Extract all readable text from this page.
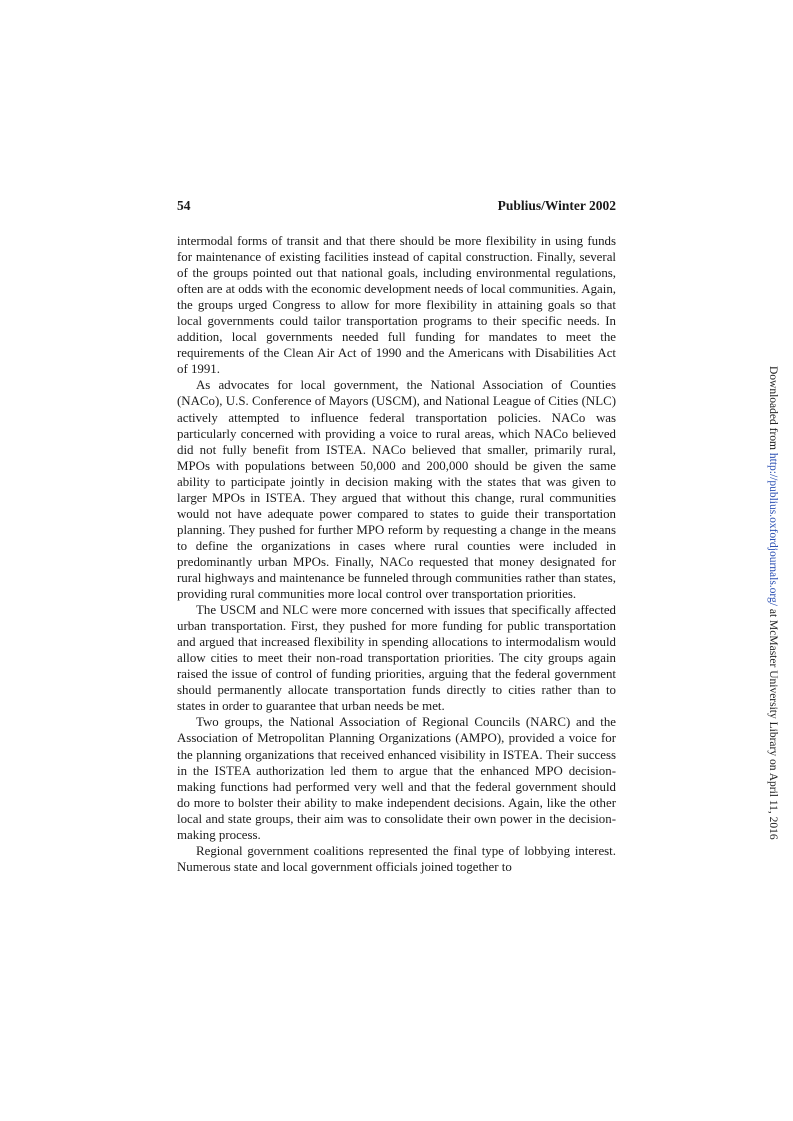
54	Publius/Winter 2002

intermodal forms of transit and that there should be more flexibility in using funds for maintenance of existing facilities instead of capital construction. Finally, several of the groups pointed out that national goals, including environmental regulations, often are at odds with the economic development needs of local communities. Again, the groups urged Congress to allow for more flexibility in attaining goals so that local governments could tailor transportation programs to their specific needs. In addition, local governments needed full funding for mandates to meet the requirements of the Clean Air Act of 1990 and the Americans with Disabilities Act of 1991.

As advocates for local government, the National Association of Counties (NACo), U.S. Conference of Mayors (USCM), and National League of Cities (NLC) actively attempted to influence federal transportation policies. NACo was particularly concerned with providing a voice to rural areas, which NACo believed did not fully benefit from ISTEA. NACo believed that smaller, primarily rural, MPOs with populations between 50,000 and 200,000 should be given the same ability to participate jointly in decision making with the states that was given to larger MPOs in ISTEA. They argued that without this change, rural communities would not have adequate power compared to states to guide their transportation planning. They pushed for further MPO reform by requesting a change in the means to define the organizations in cases where rural counties were included in predominantly urban MPOs. Finally, NACo requested that money designated for rural highways and maintenance be funneled through communities rather than states, providing rural communities more local control over transportation priorities.

The USCM and NLC were more concerned with issues that specifically affected urban transportation. First, they pushed for more funding for public transportation and argued that increased flexibility in spending allocations to intermodalism would allow cities to meet their non-road transportation priorities. The city groups again raised the issue of control of funding priorities, arguing that the federal government should permanently allocate transportation funds directly to cities rather than to states in order to guarantee that urban needs be met.

Two groups, the National Association of Regional Councils (NARC) and the Association of Metropolitan Planning Organizations (AMPO), provided a voice for the planning organizations that received enhanced visibility in ISTEA. Their success in the ISTEA authorization led them to argue that the enhanced MPO decision-making functions had performed very well and that the federal government should do more to bolster their ability to make independent decisions. Again, like the other local and state groups, their aim was to consolidate their own power in the decision-making process.

Regional government coalitions represented the final type of lobbying interest. Numerous state and local government officials joined together to

Downloaded from http://publius.oxfordjournals.org/ at McMaster University Library on April 11, 2016
